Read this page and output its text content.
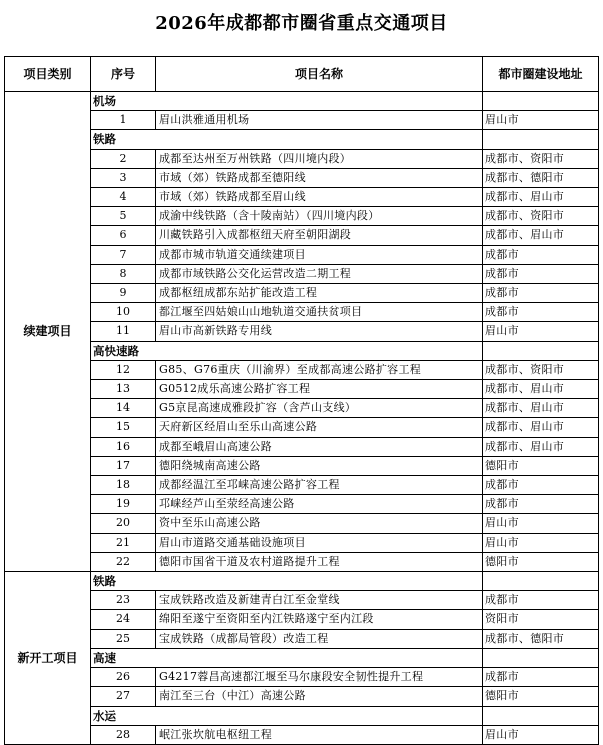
2026年成都都市圈省重点交通项目
项目类别	序号	项目名称	都市圈建设地址
续建项目	机场		
	1	眉山洪雅通用机场	眉山市
	铁路		
	2	成都至达州至万州铁路（四川境内段）	成都市、资阳市
	3	市域（郊）铁路成都至德阳线	成都市、德阳市
	4	市域（郊）铁路成都至眉山线	成都市、眉山市
	5	成渝中线铁路（含十陵南站）（四川境内段）	成都市、资阳市
	6	川藏铁路引入成都枢纽天府至朝阳湖段	成都市、眉山市
	7	成都市城市轨道交通续建项目	成都市
	8	成都市域铁路公交化运营改造二期工程	成都市
	9	成都枢纽成都东站扩能改造工程	成都市
	10	都江堰至四姑娘山山地轨道交通扶贫项目	成都市
	11	眉山市高新铁路专用线	眉山市
	高快速路		
	12	G85、G76重庆（川渝界）至成都高速公路扩容工程	成都市、资阳市
	13	G0512成乐高速公路扩容工程	成都市、眉山市
	14	G5京昆高速成雅段扩容（含芦山支线）	成都市、眉山市
	15	天府新区经眉山至乐山高速公路	成都市、眉山市
	16	成都至峨眉山高速公路	成都市、眉山市
	17	德阳绕城南高速公路	德阳市
	18	成都经温江至邛崃高速公路扩容工程	成都市
	19	邛崃经芦山至荥经高速公路	成都市
	20	资中至乐山高速公路	眉山市
	21	眉山市道路交通基础设施项目	眉山市
	22	德阳市国省干道及农村道路提升工程	德阳市
新开工项目	铁路		
	23	宝成铁路改造及新建青白江至金堂线	成都市
	24	绵阳至遂宁至资阳至内江铁路遂宁至内江段	资阳市
	25	宝成铁路（成都局管段）改造工程	成都市、德阳市
	高速		
	26	G4217蓉昌高速都江堰至马尔康段安全韧性提升工程	成都市
	27	南江至三台（中江）高速公路	德阳市
	水运		
	28	岷江张坎航电枢纽工程	眉山市
